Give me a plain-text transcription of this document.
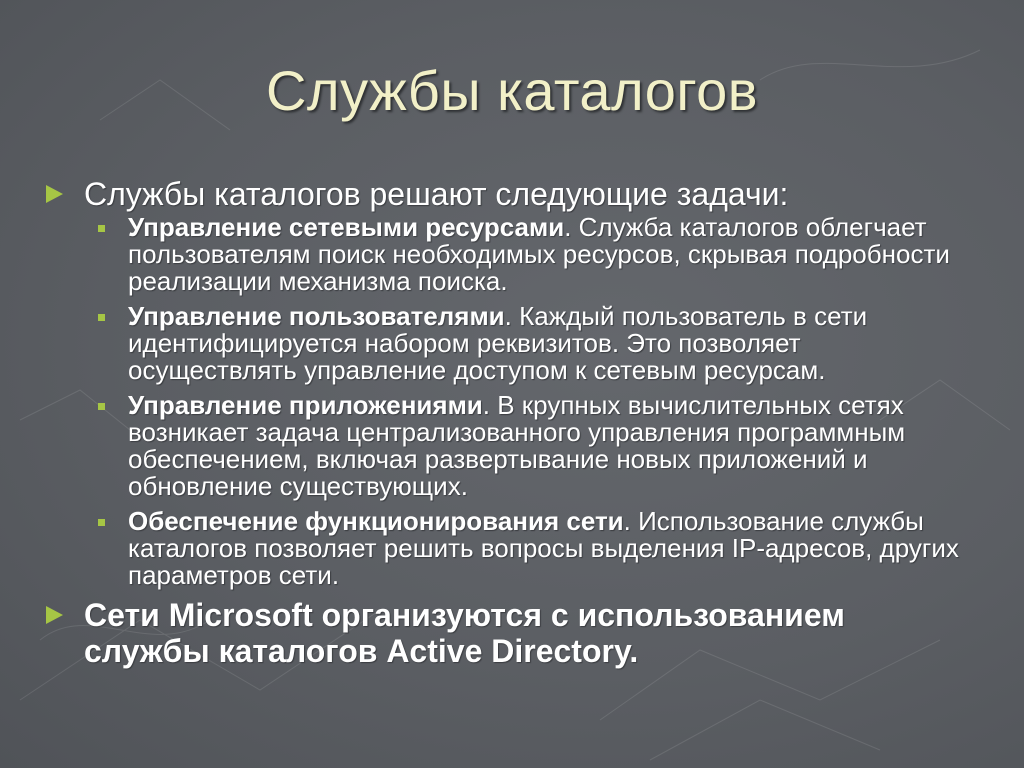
Службы каталогов
Службы каталогов решают следующие задачи:
Управление сетевыми ресурсами. Служба каталогов облегчает пользователям поиск необходимых ресурсов, скрывая подробности реализации механизма поиска.
Управление пользователями. Каждый пользователь в сети идентифицируется набором реквизитов. Это позволяет осуществлять управление доступом к сетевым ресурсам.
Управление приложениями. В крупных вычислительных сетях возникает задача централизованного управления программным обеспечением, включая развертывание новых приложений и обновление существующих.
Обеспечение функционирования сети. Использование службы каталогов позволяет решить вопросы выделения IP-адресов, других параметров сети.
Сети Microsoft организуются с использованием службы каталогов Active Directory.
